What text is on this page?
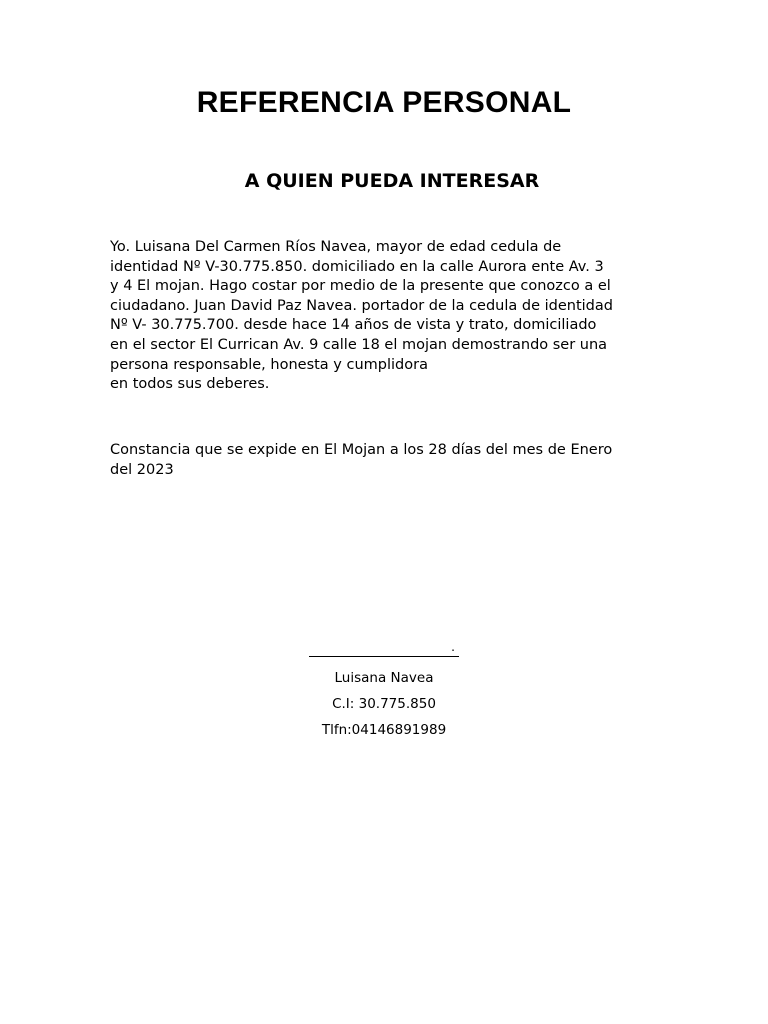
REFERENCIA PERSONAL
A QUIEN PUEDA INTERESAR
Yo. Luisana Del Carmen Ríos Navea, mayor de edad cedula de
identidad Nº V-30.775.850. domiciliado en la calle Aurora ente Av. 3
y 4 El mojan. Hago costar por medio de la presente que conozco a el
ciudadano. Juan David Paz Navea. portador de la cedula de identidad
Nº V- 30.775.700. desde hace 14 años de vista y trato, domiciliado
en el sector El Currican Av. 9 calle 18 el mojan demostrando ser una
persona responsable, honesta y cumplidora
en todos sus deberes.
Constancia que se expide en El Mojan a los 28 días del mes de Enero
del 2023
.
Luisana Navea
C.I: 30.775.850
Tlfn:04146891989
